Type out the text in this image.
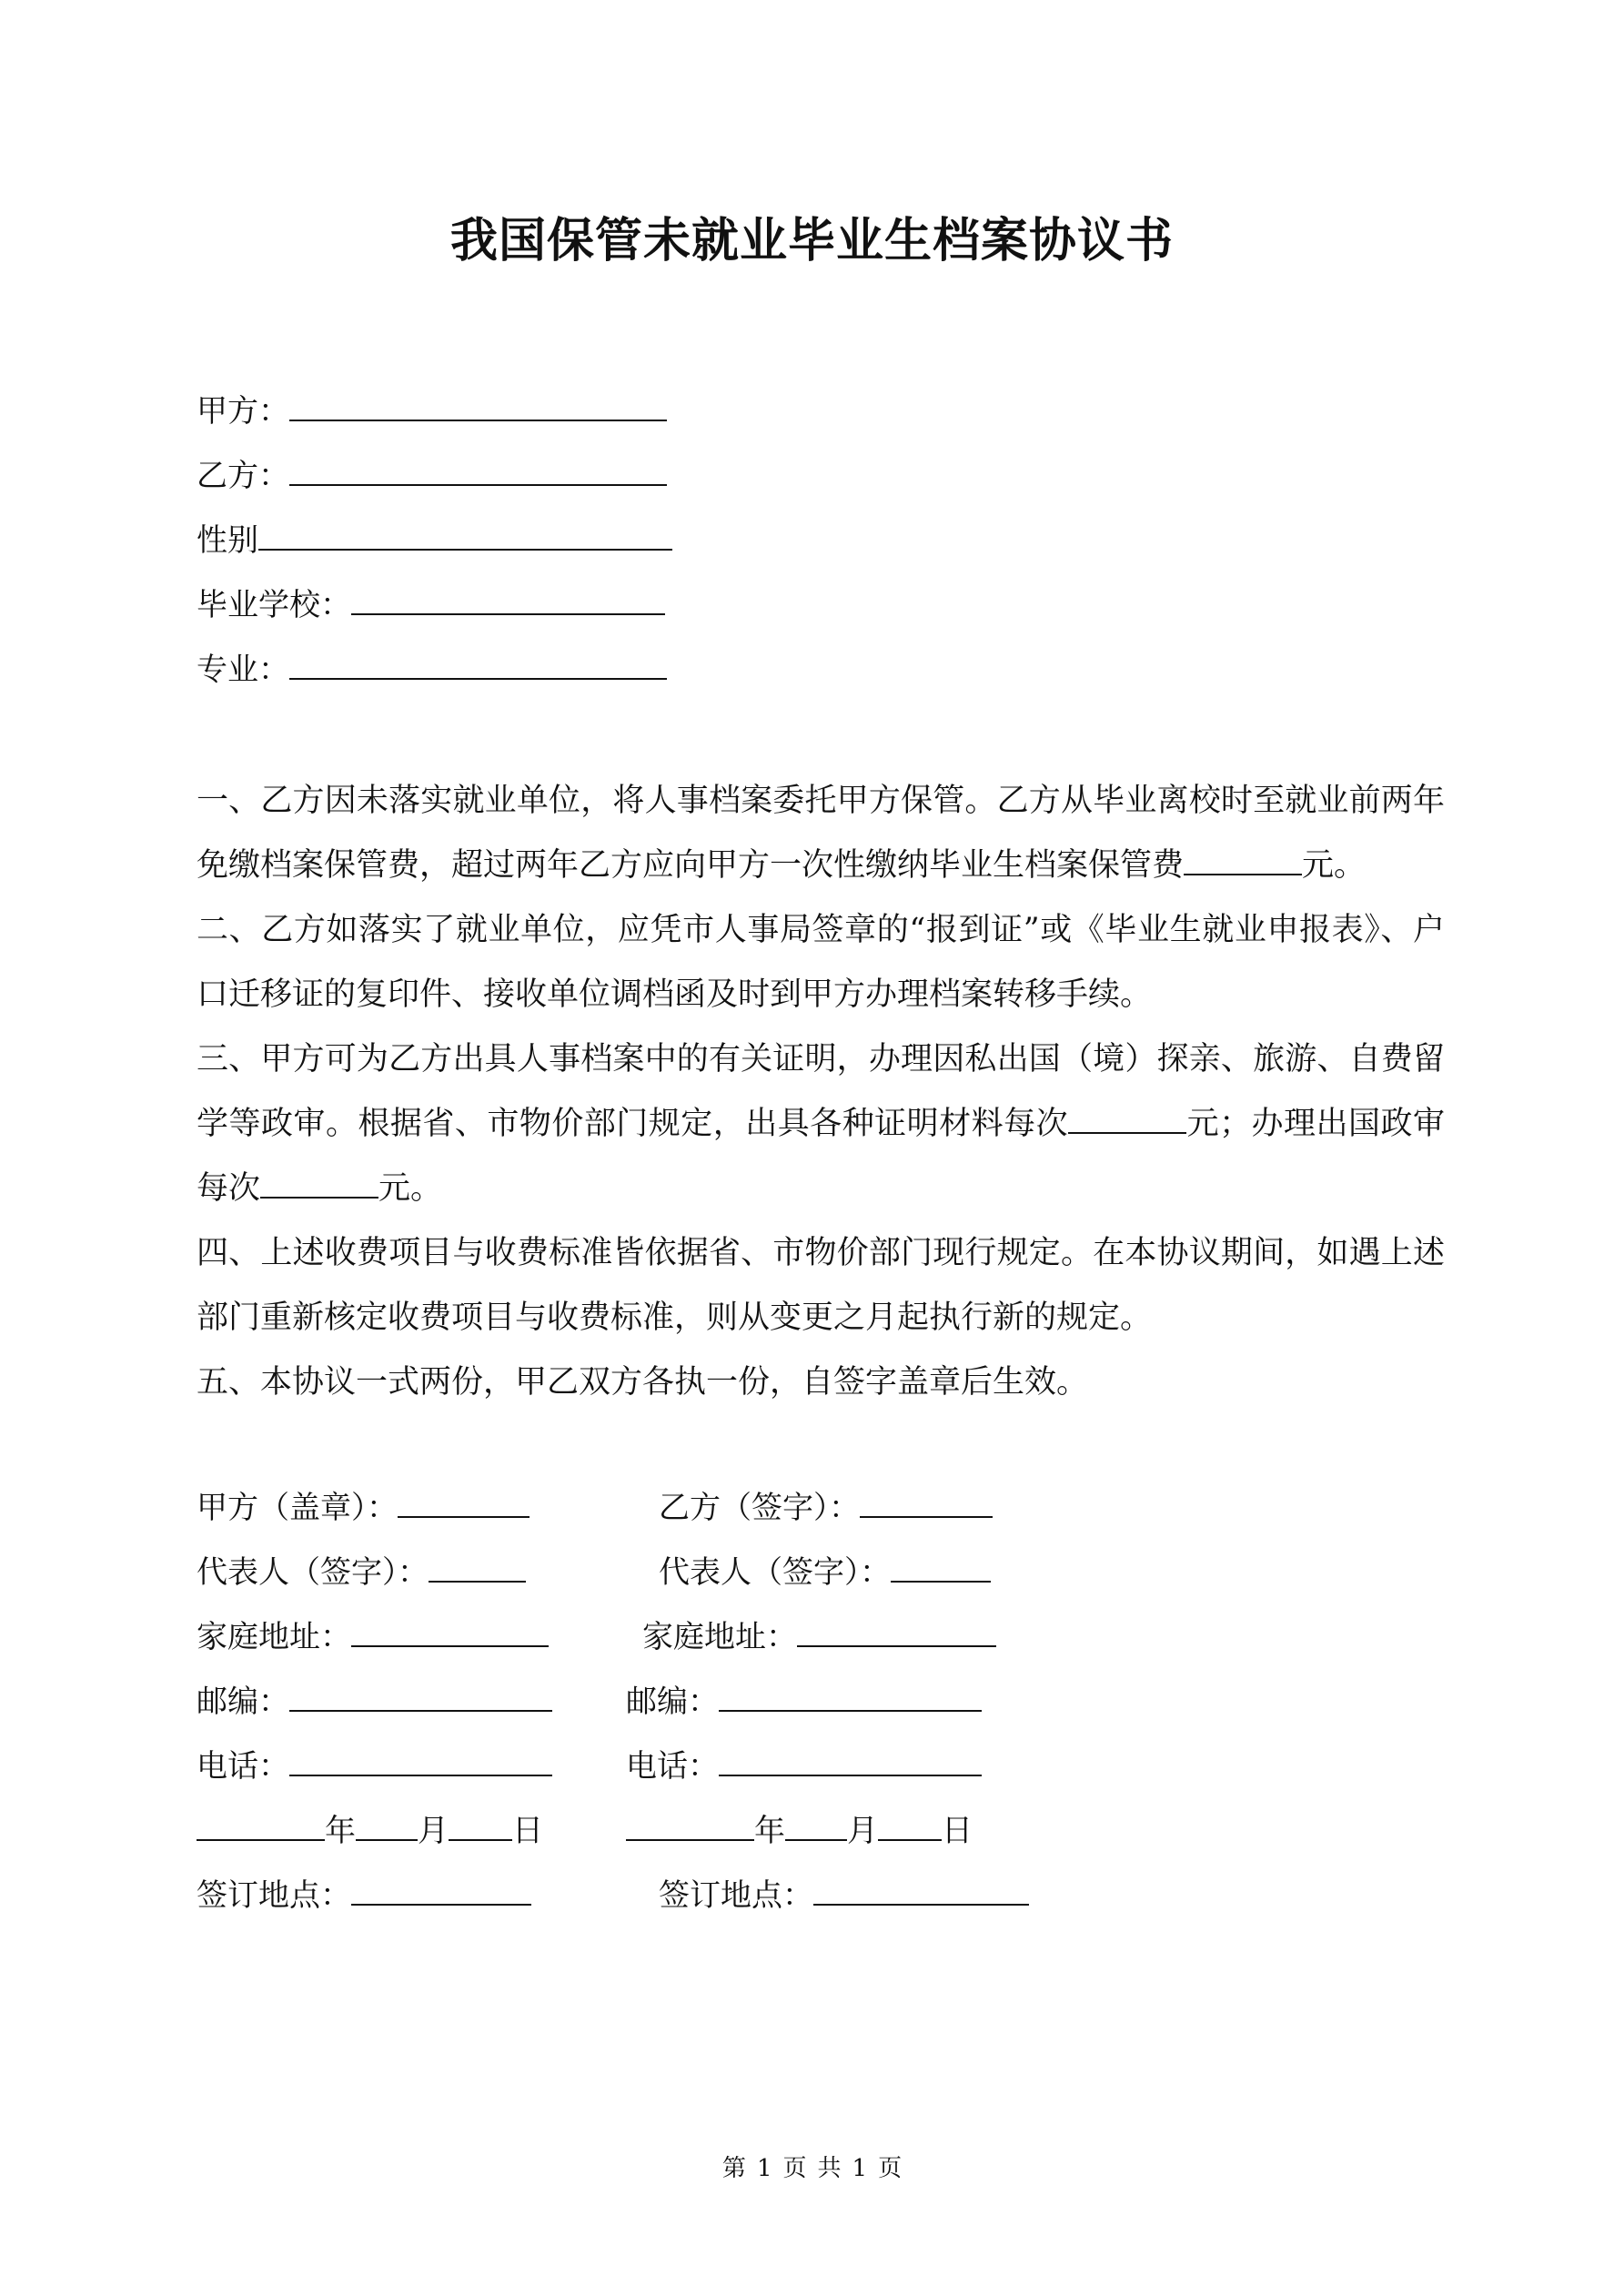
我国保管未就业毕业生档案协议书
甲方：
乙方：
性别
毕业学校：
专业：

一、乙方因未落实就业单位，将人事档案委托甲方保管。乙方从毕业离校时至就业前两年免缴档案保管费，超过两年乙方应向甲方一次性缴纳毕业生档案保管费	元。

二、乙方如落实了就业单位，应凭市人事局签章的“报到证”或《毕业生就业申报表》、户口迁移证的复印件、接收单位调档函及时到甲方办理档案转移手续。

三、甲方可为乙方出具人事档案中的有关证明，办理因私出国（境）探亲、旅游、自费留学等政审。根据省、市物价部门规定，出具各种证明材料每次	元；办理出国政审每次	元。

四、上述收费项目与收费标准皆依据省、市物价部门现行规定。在本协议期间，如遇上述部门重新核定收费项目与收费标准，则从变更之月起执行新的规定。

五、本协议一式两份，甲乙双方各执一份，自签字盖章后生效。

甲方（盖章）：	乙方（签字）：
代表人（签字）：	代表人（签字）：
家庭地址：	家庭地址：
邮编：	邮编：
电话：	电话：
年 月 日	年 月 日
签订地点：	签订地点：
第 1 页 共 1 页
